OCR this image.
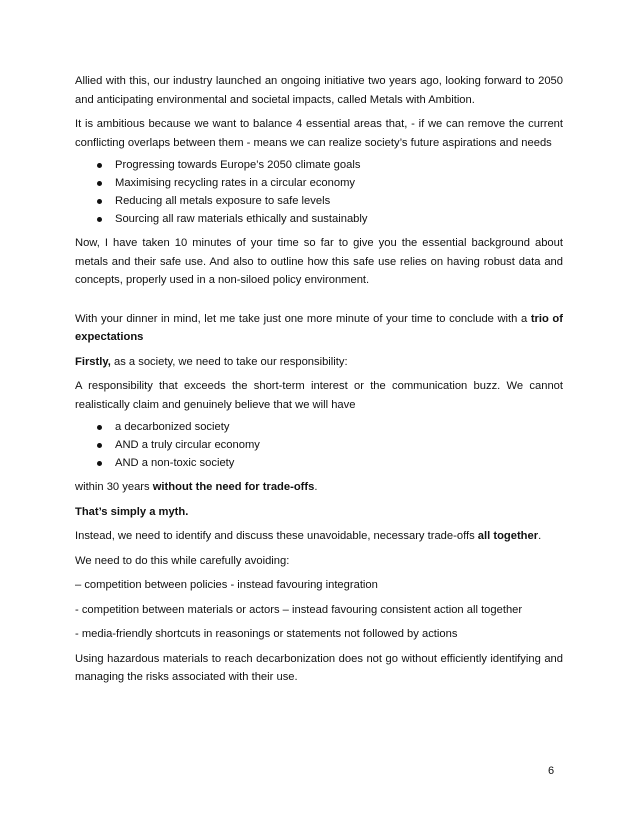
Allied with this, our industry launched an ongoing initiative two years ago, looking forward to 2050 and anticipating environmental and societal impacts, called Metals with Ambition.

It is ambitious because we want to balance 4 essential areas that, - if we can remove the current conflicting overlaps between them - means we can realize society’s future aspirations and needs

Progressing towards Europe’s 2050 climate goals
Maximising recycling rates in a circular economy
Reducing all metals exposure to safe levels
Sourcing all raw materials ethically and sustainably

Now, I have taken 10 minutes of your time so far to give you the essential background about metals and their safe use. And also to outline how this safe use relies on having robust data and concepts, properly used in a non-siloed policy environment.

With your dinner in mind, let me take just one more minute of your time to conclude with a trio of expectations

Firstly, as a society, we need to take our responsibility:

A responsibility that exceeds the short-term interest or the communication buzz. We cannot realistically claim and genuinely believe that we will have

a decarbonized society
AND a truly circular economy
AND a non-toxic society

within 30 years without the need for trade-offs.

That’s simply a myth.

Instead, we need to identify and discuss these unavoidable, necessary trade-offs all together.

We need to do this while carefully avoiding:

– competition between policies - instead favouring integration

- competition between materials or actors – instead favouring consistent action all together

- media-friendly shortcuts in reasonings or statements not followed by actions

Using hazardous materials to reach decarbonization does not go without efficiently identifying and managing the risks associated with their use.

6
